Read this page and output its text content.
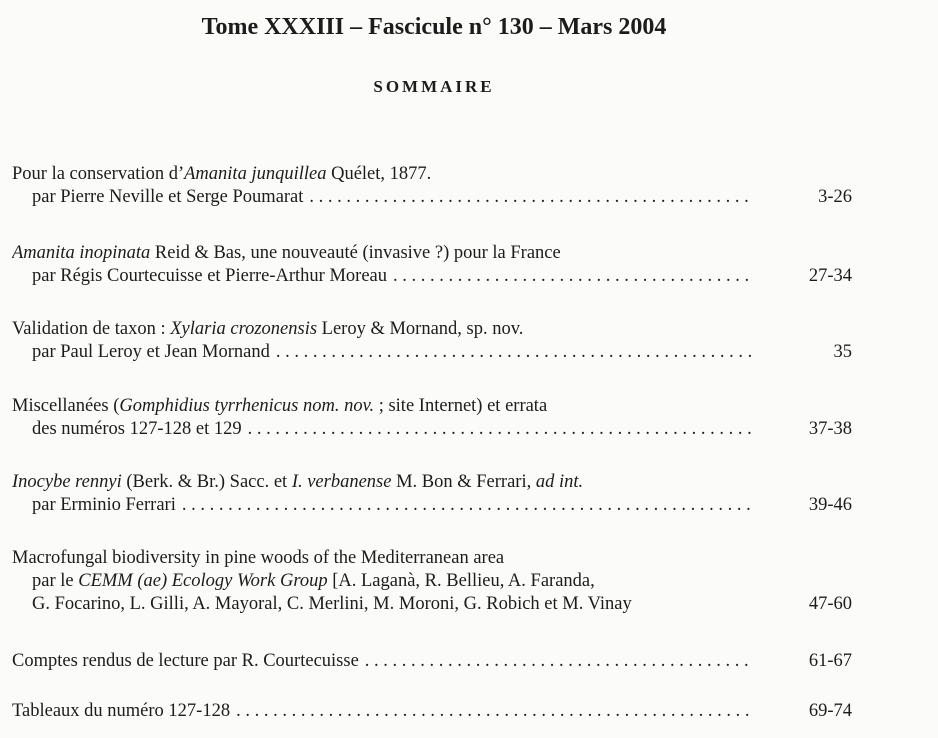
Tome XXXIII – Fascicule n° 130 – Mars 2004
SOMMAIRE
Pour la conservation d’Amanita junquillea Quélet, 1877.
par Pierre Neville et Serge Poumarat . . .	3-26
Amanita inopinata Reid & Bas, une nouveauté (invasive ?) pour la France
par Régis Courtecuisse et Pierre-Arthur Moreau . . .	27-34
Validation de taxon : Xylaria crozonensis Leroy & Mornand, sp. nov.
par Paul Leroy et Jean Mornand . . .	35
Miscellanées (Gomphidius tyrrhenicus nom. nov. ; site Internet) et errata
des numéros 127-128 et 129 . . .	37-38
Inocybe rennyi (Berk. & Br.) Sacc. et I. verbanense M. Bon & Ferrari, ad int.
par Erminio Ferrari . . .	39-46
Macrofungal biodiversity in pine woods of the Mediterranean area
par le CEMM (ae) Ecology Work Group [A. Laganà, R. Bellieu, A. Faranda,
G. Focarino, L. Gilli, A. Mayoral, C. Merlini, M. Moroni, G. Robich et M. Vinay	47-60
Comptes rendus de lecture par R. Courtecuisse . . .	61-67
Tableaux du numéro 127-128 . . .	69-74
